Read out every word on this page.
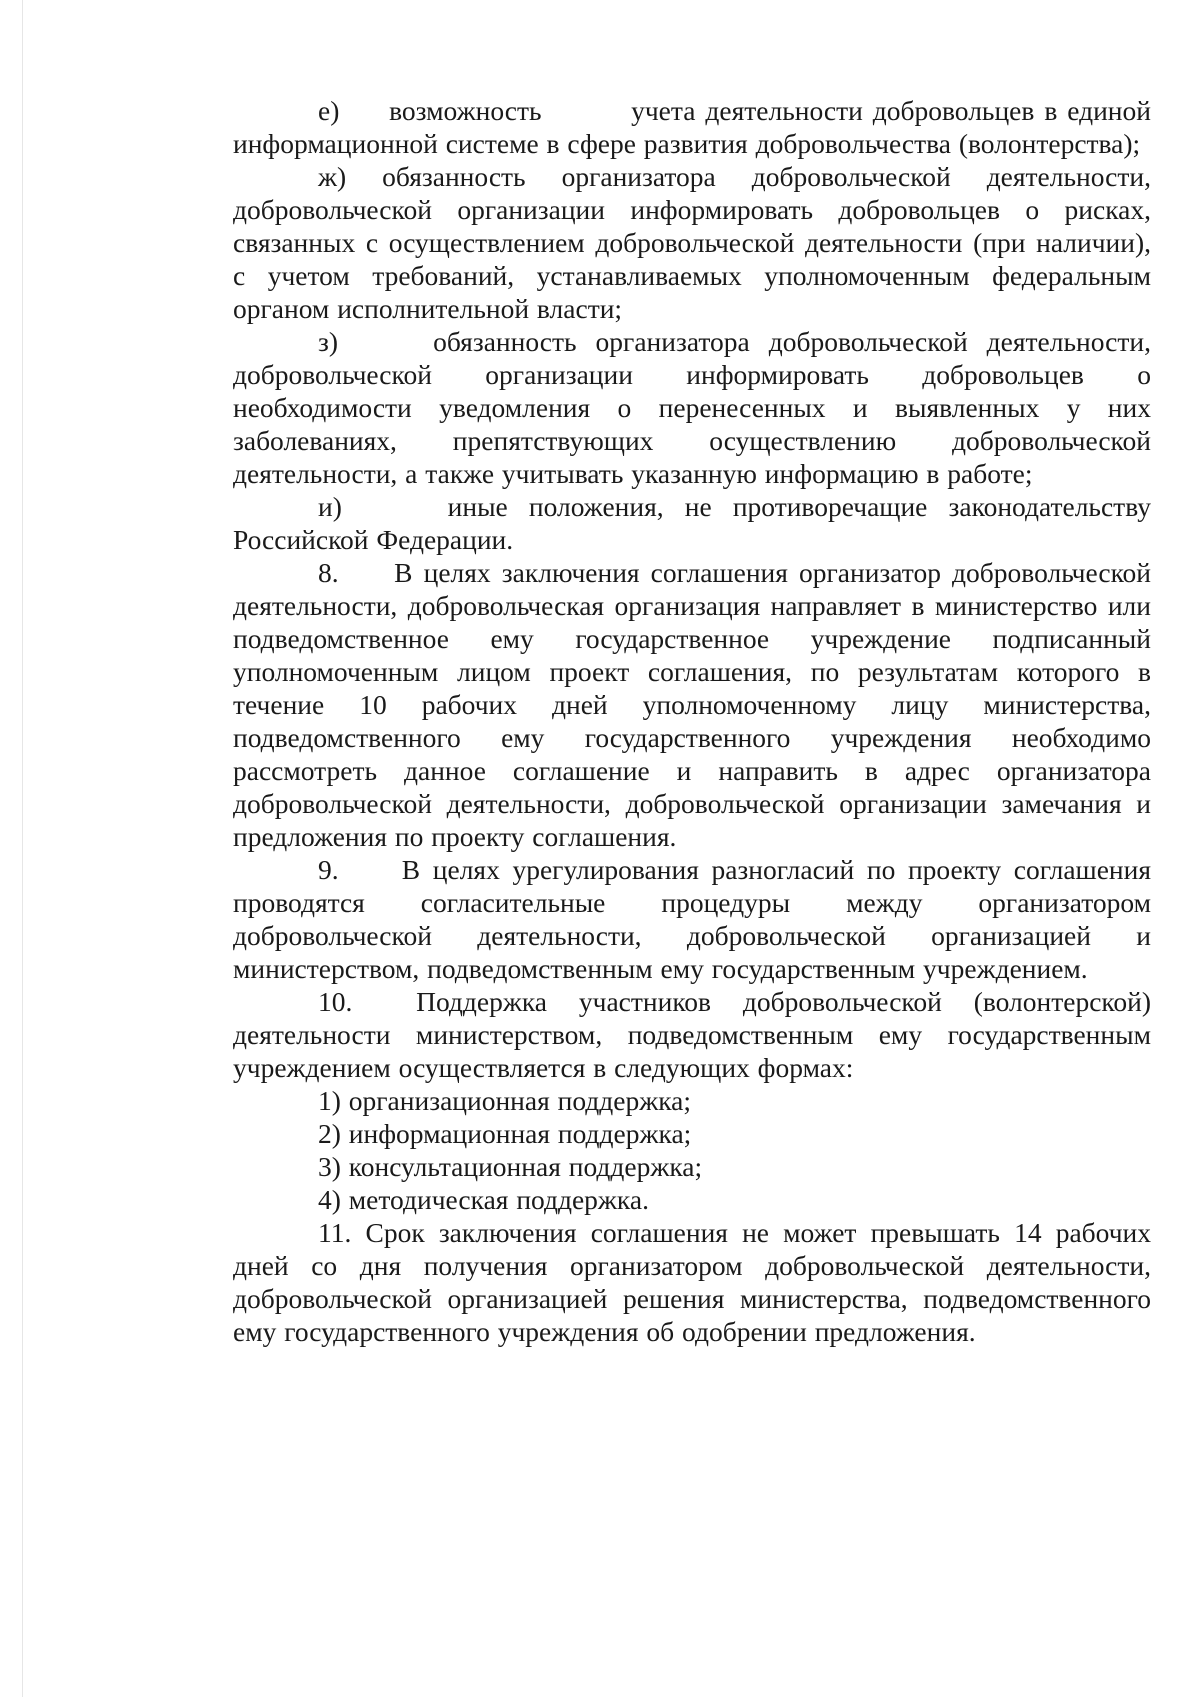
е)     возможность         учета деятельности добровольцев в единой информационной системе в сфере развития добровольчества (волонтерства);

ж) обязанность организатора добровольческой деятельности, добровольческой организации информировать добровольцев о рисках, связанных с осуществлением добровольческой деятельности (при наличии), с учетом требований, устанавливаемых уполномоченным федеральным органом исполнительной власти;

з)     обязанность организатора добровольческой деятельности, добровольческой организации информировать добровольцев о необходимости уведомления о перенесенных и выявленных у них заболеваниях, препятствующих осуществлению добровольческой деятельности, а также учитывать указанную информацию в работе;

и)     иные положения, не противоречащие законодательству Российской Федерации.

8.     В целях заключения соглашения организатор добровольческой деятельности, добровольческая организация направляет в министерство или подведомственное ему государственное учреждение подписанный уполномоченным лицом проект соглашения, по результатам которого в течение 10 рабочих дней уполномоченному лицу министерства, подведомственного ему государственного учреждения необходимо рассмотреть данное соглашение и направить в адрес организатора добровольческой деятельности, добровольческой организации замечания и предложения по проекту соглашения.

9.     В целях урегулирования разногласий по проекту соглашения проводятся согласительные процедуры между организатором добровольческой деятельности, добровольческой организацией и министерством, подведомственным ему государственным учреждением.

10.  Поддержка участников добровольческой (волонтерской) деятельности министерством, подведомственным ему государственным учреждением осуществляется в следующих формах:

1) организационная поддержка;

2) информационная поддержка;

3) консультационная поддержка;

4) методическая поддержка.

11. Срок заключения соглашения не может превышать 14 рабочих дней со дня получения организатором добровольческой деятельности, добровольческой организацией решения министерства, подведомственного ему государственного учреждения об одобрении предложения.
